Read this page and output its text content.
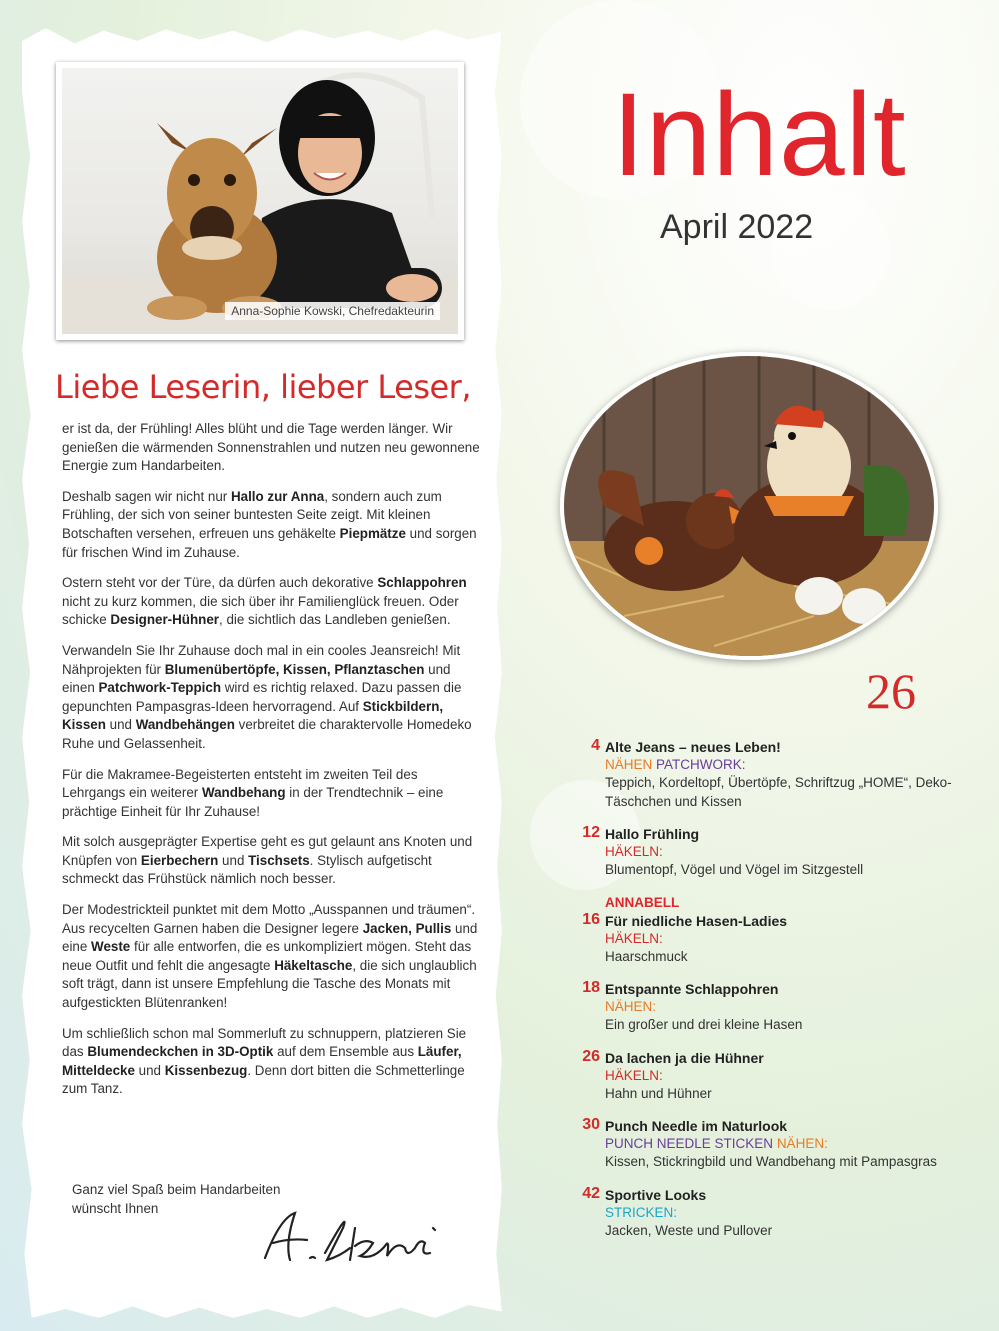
Anna-Sophie Kowski, Chefredakteurin
Liebe Leserin, lieber Leser,

er ist da, der Frühling! Alles blüht und die Tage werden länger. Wir genießen die wärmenden Sonnenstrahlen und nutzen neu gewonnene Energie zum Handarbeiten.

Deshalb sagen wir nicht nur Hallo zur Anna, sondern auch zum Frühling, der sich von seiner buntesten Seite zeigt. Mit kleinen Botschaften versehen, erfreuen uns gehäkelte Piepmätze und sorgen für frischen Wind im Zuhause.

Ostern steht vor der Türe, da dürfen auch dekorative Schlappohren nicht zu kurz kommen, die sich über ihr Familienglück freuen. Oder schicke Designer-Hühner, die sichtlich das Landleben genießen.

Verwandeln Sie Ihr Zuhause doch mal in ein cooles Jeansreich! Mit Nähprojekten für Blumenübertöpfe, Kissen, Pflanztaschen und einen Patchwork-Teppich wird es richtig relaxed. Dazu passen die gepunchten Pampasgras-Ideen hervorragend. Auf Stickbildern, Kissen und Wandbehängen verbreitet die charaktervolle Homedeko Ruhe und Gelassenheit.

Für die Makramee-Begeisterten entsteht im zweiten Teil des Lehrgangs ein weiterer Wandbehang in der Trendtechnik – eine prächtige Einheit für Ihr Zuhause!

Mit solch ausgeprägter Expertise geht es gut gelaunt ans Knoten und Knüpfen von Eierbechern und Tischsets. Stylisch aufgetischt schmeckt das Frühstück nämlich noch besser.

Der Modestrickteil punktet mit dem Motto „Ausspannen und träumen“. Aus recycelten Garnen haben die Designer legere Jacken, Pullis und eine Weste für alle entworfen, die es unkompliziert mögen. Steht das neue Outfit und fehlt die angesagte Häkeltasche, die sich unglaublich soft trägt, dann ist unsere Empfehlung die Tasche des Monats mit aufgestickten Blütenranken!

Um schließlich schon mal Sommerluft zu schnuppern, platzieren Sie das Blumendeckchen in 3D-Optik auf dem Ensemble aus Läufer, Mitteldecke und Kissenbezug. Denn dort bitten die Schmetterlinge zum Tanz.

Ganz viel Spaß beim Handarbeiten
wünscht Ihnen
Inhalt
April 2022
26
4 Alte Jeans – neues Leben!
NÄHEN PATCHWORK:
Teppich, Kordeltopf, Übertöpfe, Schriftzug „HOME“, Deko-Täschchen und Kissen
12 Hallo Frühling
HÄKELN:
Blumentopf, Vögel und Vögel im Sitzgestell
ANNABELL
16 Für niedliche Hasen-Ladies
HÄKELN:
Haarschmuck
18 Entspannte Schlappohren
NÄHEN:
Ein großer und drei kleine Hasen
26 Da lachen ja die Hühner
HÄKELN:
Hahn und Hühner
30 Punch Needle im Naturlook
PUNCH NEEDLE STICKEN NÄHEN:
Kissen, Stickringbild und Wandbehang mit Pampasgras
42 Sportive Looks
STRICKEN:
Jacken, Weste und Pullover
